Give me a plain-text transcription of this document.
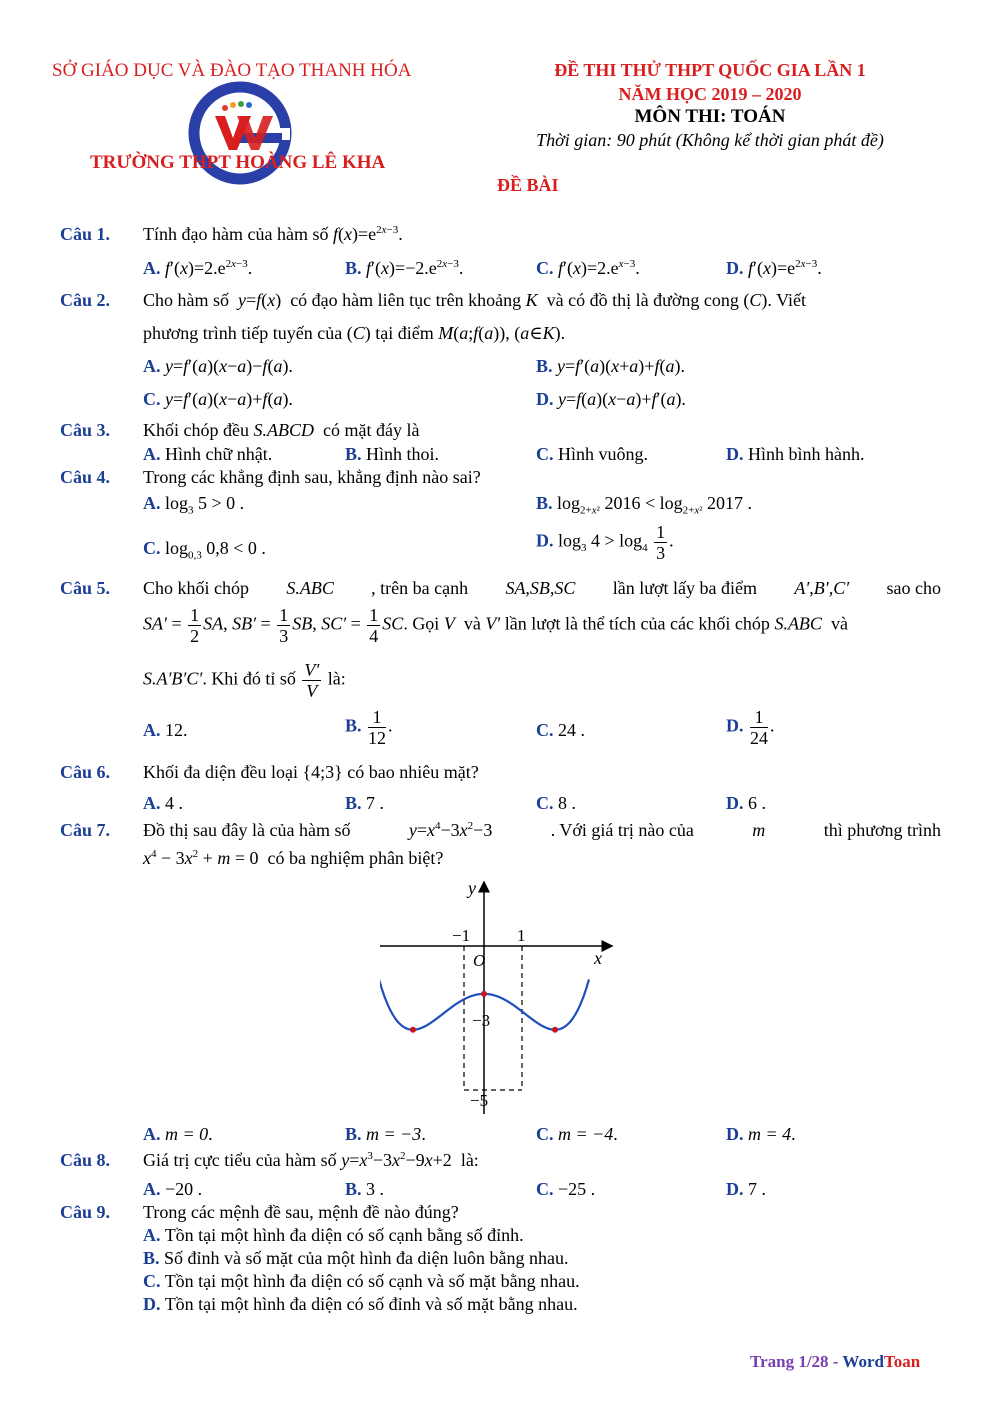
SỞ GIÁO DỤC VÀ ĐÀO TẠO THANH HÓA
TRƯỜNG THPT HOÀNG LÊ KHA
ĐỀ THI THỬ THPT QUỐC GIA LẦN 1
NĂM HỌC 2019 – 2020
MÔN THI: TOÁN
Thời gian: 90 phút (Không kể thời gian phát đề)
ĐỀ BÀI
Câu 1. Tính đạo hàm của hàm số $f(x)=e^{2x-3}$.
A. $f'(x)=2.e^{2x-3}$.	B. $f'(x)=-2.e^{2x-3}$.	C. $f'(x)=2.e^{x-3}$.	D. $f'(x)=e^{2x-3}$.
Câu 2. Cho hàm số y=f(x)  có đạo hàm liên tục trên khoảng K và có đồ thị là đường cong (C). Viết
phương trình tiếp tuyến của (C) tại điểm M(a;f(a)), (a∈K).
A. y=f′(a)(x−a)−f(a).	B. y=f′(a)(x+a)+f(a).
C. y=f′(a)(x−a)+f(a).	D. y=f(a)(x−a)+f′(a).
Câu 3. Khối chóp đều S.ABCD có mặt đáy là
A. Hình chữ nhật.	B. Hình thoi.	C. Hình vuông.	D. Hình bình hành.
Câu 4. Trong các khẳng định sau, khẳng định nào sai?
A. $\log_3 5 > 0$ .	B. $\log_{2+x^2} 2016 < \log_{2+x^2} 2017$ .
C. $\log_{0,3} 0,8 < 0$ .	D. $\log_3 4 > \log_4 \frac{1}{3}$ .
Câu 5. Cho khối chóp S.ABC , trên ba cạnh SA,SB,SC lần lượt lấy ba điểm A′,B′,C′ sao cho
$SA' = \frac{1}{2}$ SA, $SB' = \frac{1}{3}$ SB, $SC' = \frac{1}{4}$ SC. Gọi V và V′ lần lượt là thể tích của các khối chóp S.ABC và
S.A′B′C′. Khi đó tỉ số $\frac{V'}{V}$ là:
A. 12.	B. $\frac{1}{12}$ .	C. 24 .	D. $\frac{1}{24}$ .
Câu 6. Khối đa diện đều loại {4;3} có bao nhiêu mặt?
A. 4 .	B. 7 .	C. 8 .	D. 6 .
Câu 7. Đồ thị sau đây là của hàm số	$y=x^4-3x^2-3$	. Với giá trị nào của	m	thì phương trình
$x^4 - 3x^2 + m = 0$  có ba nghiệm phân biệt?
y
x
O
−1	1
−3
−5
A. m = 0.	B. m = −3.	C. m = −4.	D. m = 4.
Câu 8. Giá trị cực tiểu của hàm số $y=x^3-3x^2-9x+2$  là:
A. −20 .	B. 3 .	C. −25 .	D. 7 .
Câu 9. Trong các mệnh đề sau, mệnh đề nào đúng?
A. Tồn tại một hình đa diện có số cạnh bằng số đỉnh.
B. Số đỉnh và số mặt của một hình đa diện luôn bằng nhau.
C. Tồn tại một hình đa diện có số cạnh và số mặt bằng nhau.
D. Tồn tại một hình đa diện có số đỉnh và số mặt bằng nhau.
Trang 1/28 - WordToan
